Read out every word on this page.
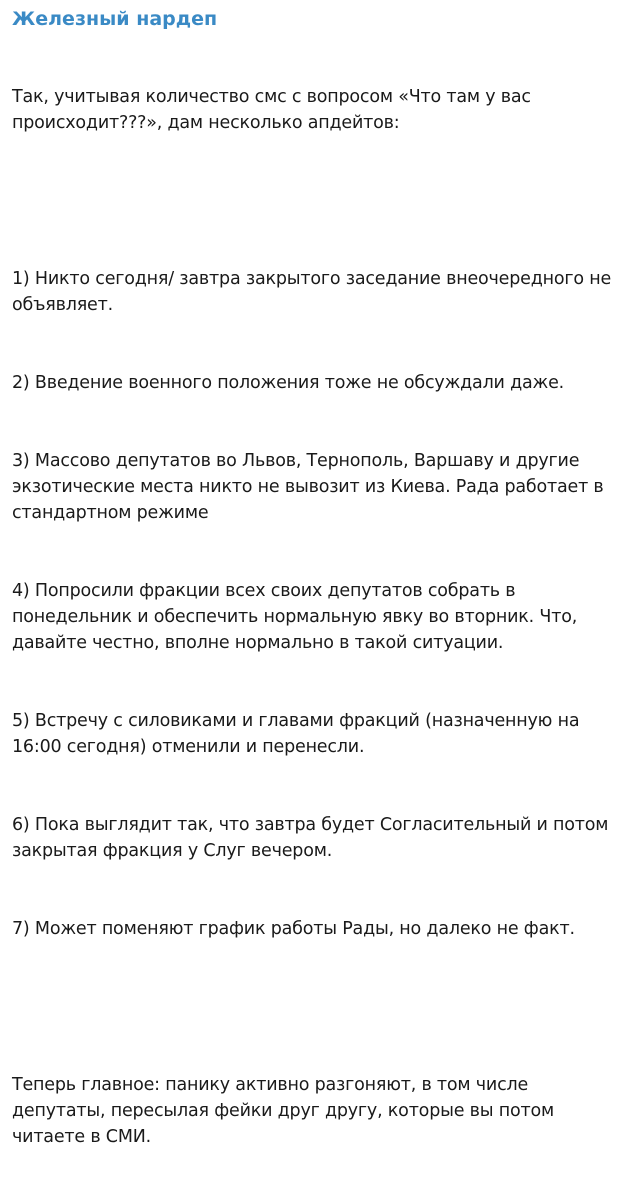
Железный нардеп

Так, учитывая количество смс с вопросом «Что там у вас происходит???», дам несколько апдейтов:

1) Никто сегодня/ завтра закрытого заседание внеочередного не объявляет.

2) Введение военного положения тоже не обсуждали даже.

3) Массово депутатов во Львов, Тернополь, Варшаву и другие экзотические места никто не вывозит из Киева. Рада работает в стандартном режиме

4) Попросили фракции всех своих депутатов собрать в понедельник и обеспечить нормальную явку во вторник. Что, давайте честно, вполне нормально в такой ситуации.

5) Встречу с силовиками и главами фракций (назначенную на 16:00 сегодня) отменили и перенесли.

6) Пока выглядит так, что завтра будет Согласительный и потом закрытая фракция у Слуг вечером.

7) Может поменяют график работы Рады, но далеко не факт.

Теперь главное: панику активно разгоняют, в том числе депутаты, пересылая фейки друг другу, которые вы потом читаете в СМИ.
